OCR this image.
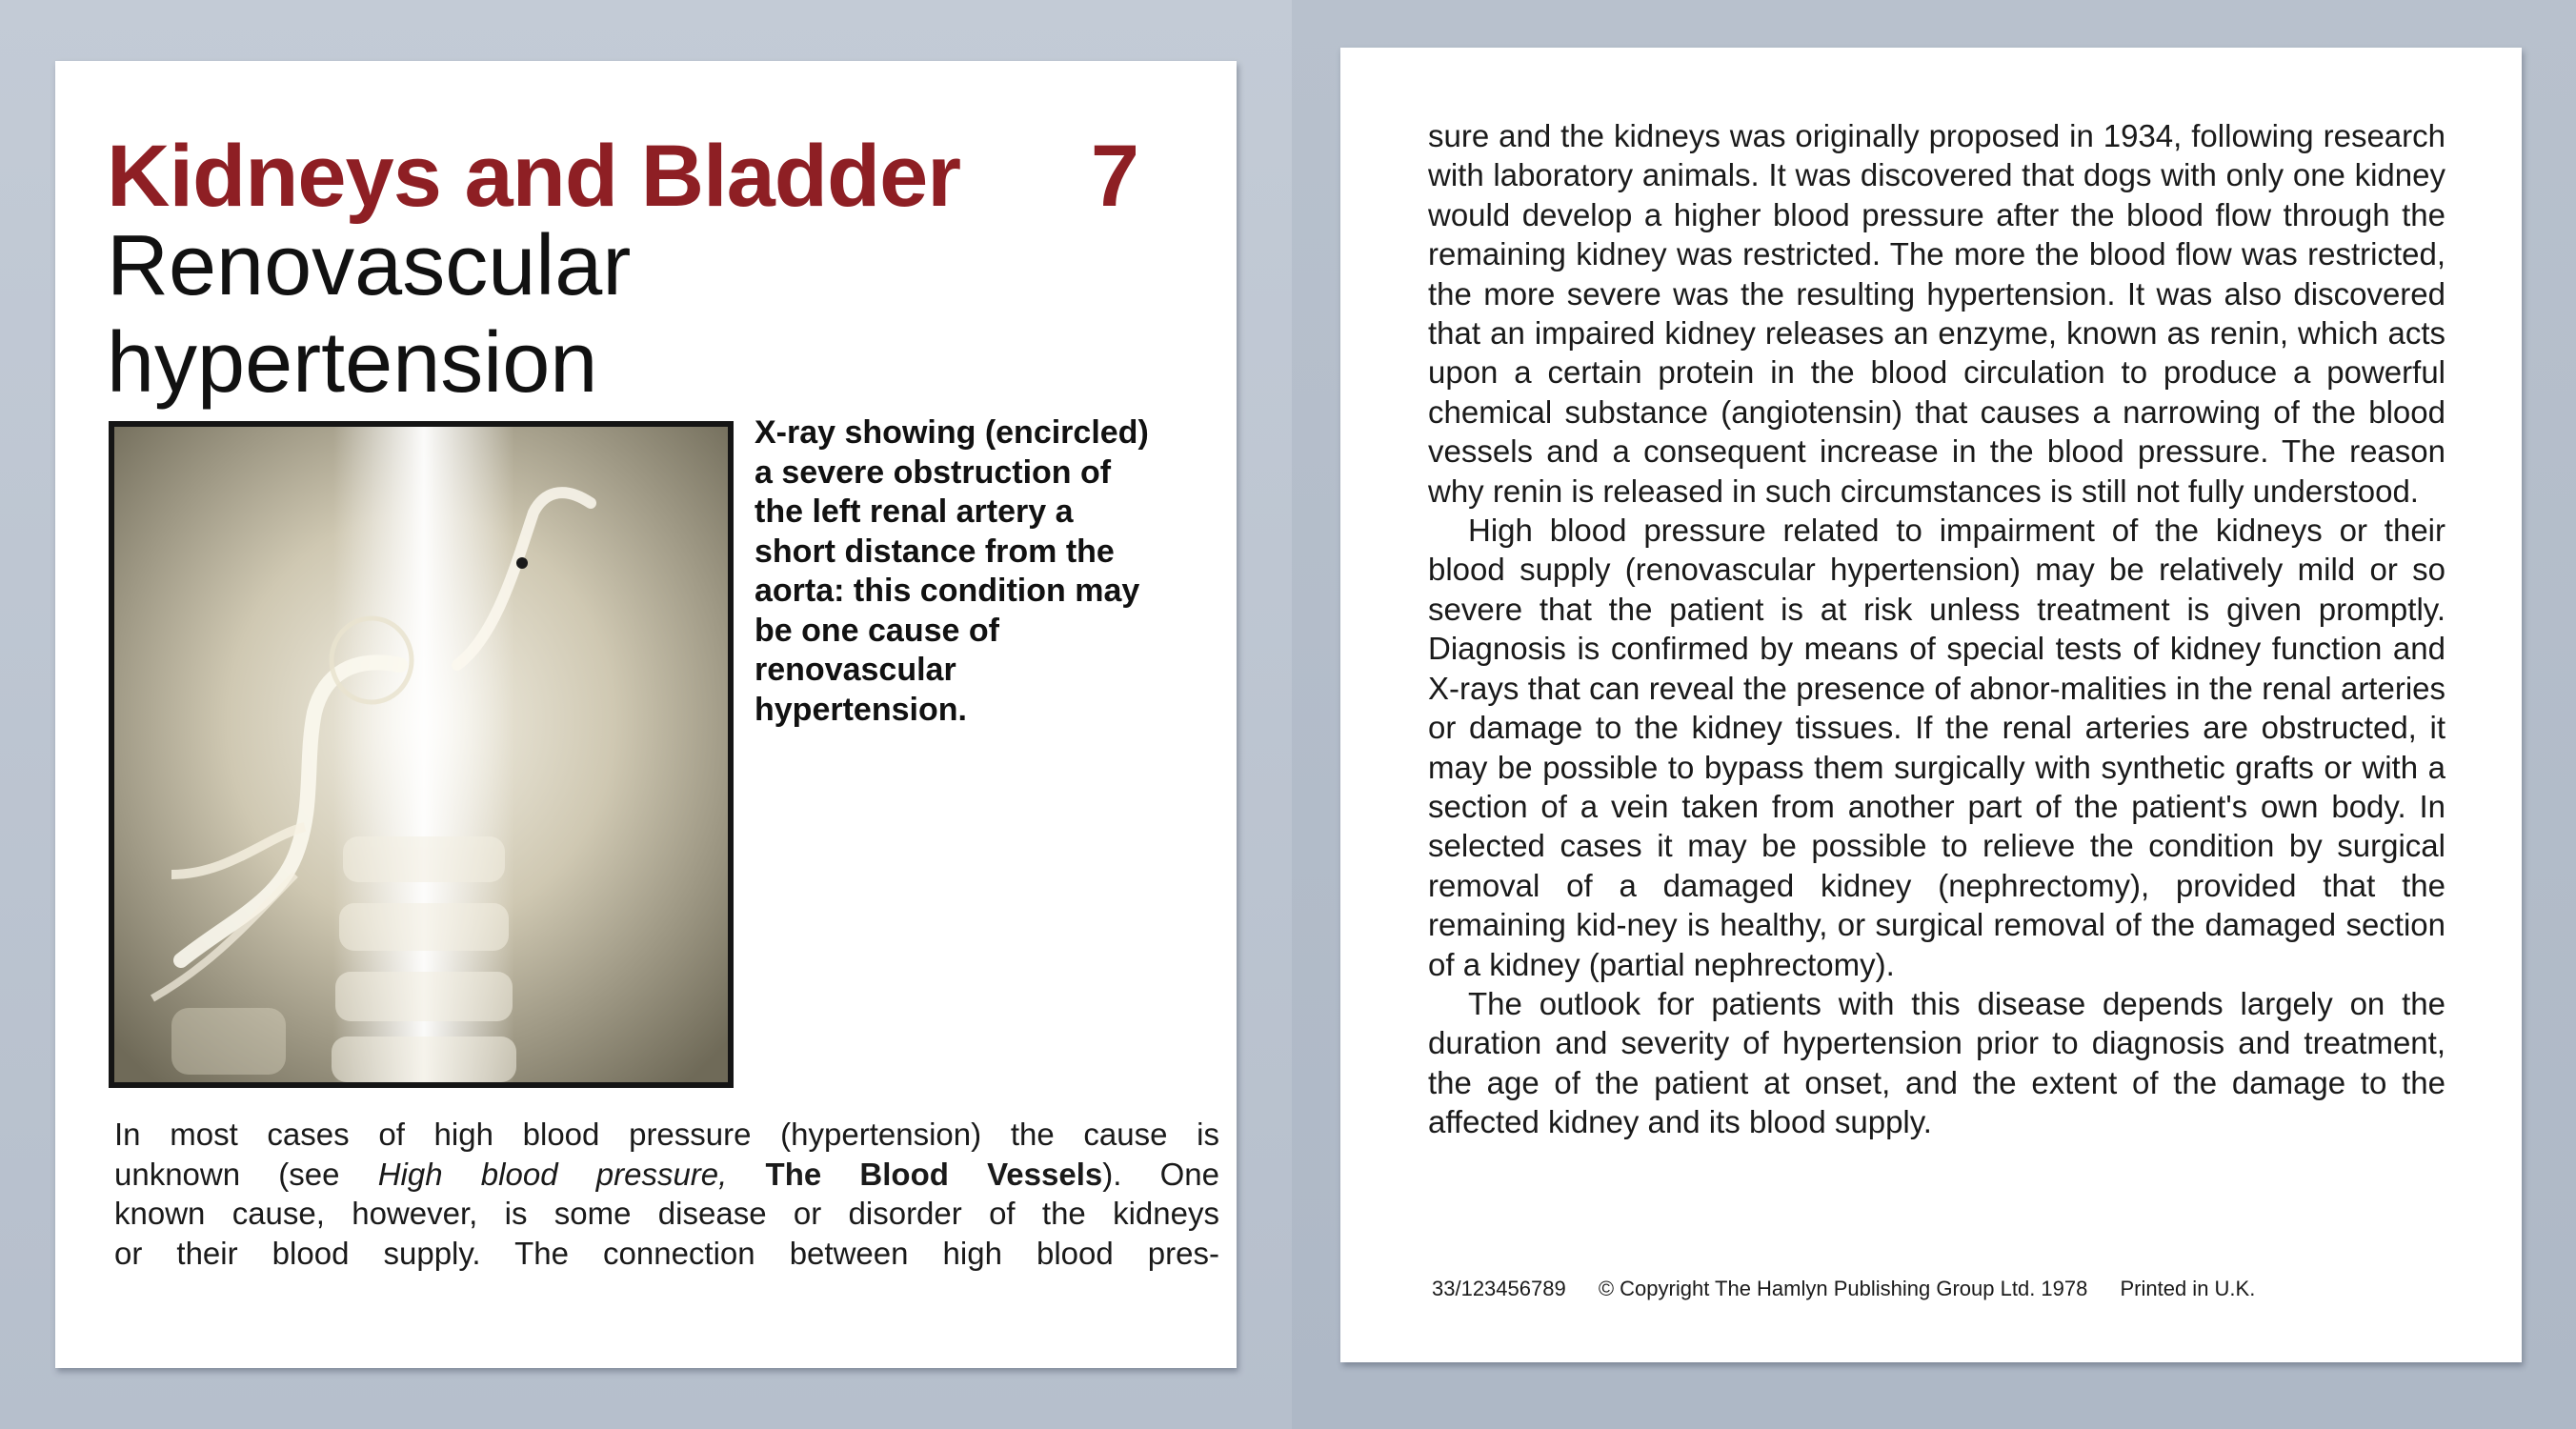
Kidneys and Bladder 7
Renovascular hypertension
X-ray showing (encircled) a severe obstruction of the left renal artery a short distance from the aorta: this condition may be one cause of renovascular hypertension.
In most cases of high blood pressure (hypertension) the cause is
unknown (see High blood pressure, The Blood Vessels). One
known cause, however, is some disease or disorder of the kidneys
or their blood supply. The connection between high blood pres-
sure and the kidneys was originally proposed in 1934, following research with laboratory animals. It was discovered that dogs with only one kidney would develop a higher blood pressure after the blood flow through the remaining kidney was restricted. The more the blood flow was restricted, the more severe was the resulting hypertension. It was also discovered that an impaired kidney releases an enzyme, known as renin, which acts upon a certain protein in the blood circulation to produce a powerful chemical substance (angiotensin) that causes a narrowing of the blood vessels and a consequent increase in the blood pressure. The reason why renin is released in such circumstances is still not fully understood.
High blood pressure related to impairment of the kidneys or their blood supply (renovascular hypertension) may be relatively mild or so severe that the patient is at risk unless treatment is given promptly. Diagnosis is confirmed by means of special tests of kidney function and X-rays that can reveal the presence of abnor-malities in the renal arteries or damage to the kidney tissues. If the renal arteries are obstructed, it may be possible to bypass them surgically with synthetic grafts or with a section of a vein taken from another part of the patient's own body. In selected cases it may be possible to relieve the condition by surgical removal of a damaged kidney (nephrectomy), provided that the remaining kid-ney is healthy, or surgical removal of the damaged section of a kidney (partial nephrectomy).
The outlook for patients with this disease depends largely on the duration and severity of hypertension prior to diagnosis and treatment, the age of the patient at onset, and the extent of the damage to the affected kidney and its blood supply.
33/123456789 © Copyright The Hamlyn Publishing Group Ltd. 1978 Printed in U.K.
